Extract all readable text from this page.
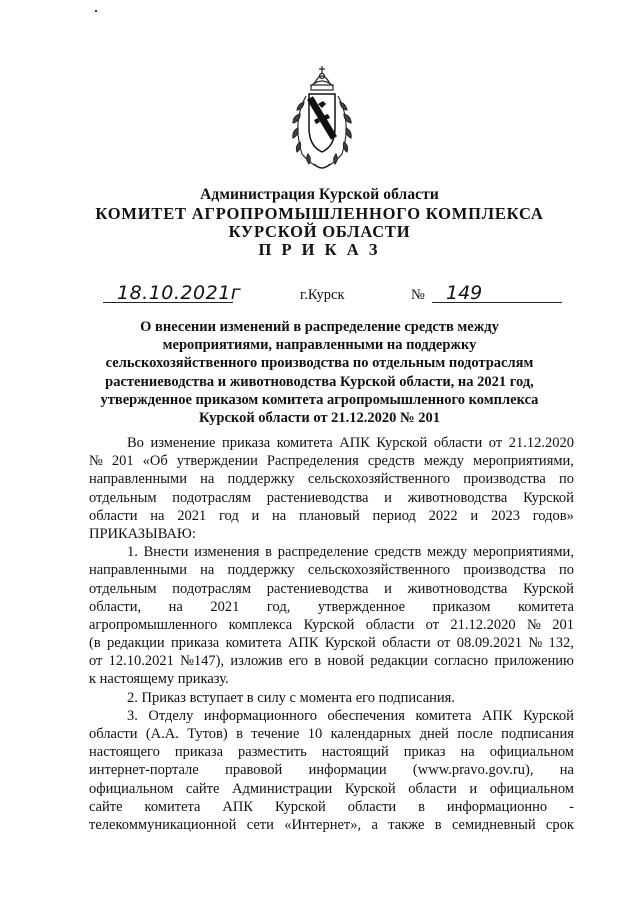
Администрация Курской области

КОМИТЕТ АГРОПРОМЫШЛЕННОГО КОМПЛЕКСА

КУРСКОЙ ОБЛАСТИ

П Р И К А З

18.10.2021г	г.Курск	№ 149
О внесении изменений в распределение средств между
мероприятиями, направленными на поддержку
сельскохозяйственного производства по отдельным подотраслям
растениеводства и животноводства Курской области, на 2021 год,
утвержденное приказом комитета агропромышленного комплекса
Курской области от 21.12.2020 № 201
Во изменение приказа комитета АПК Курской области от 21.12.2020
№ 201 «Об утверждении Распределения средств между мероприятиями,
направленными на поддержку сельскохозяйственного производства по
отдельным подотраслям растениеводства и животноводства Курской
области на 2021 год и на плановый период 2022 и 2023 годов»
ПРИКАЗЫВАЮ:
1. Внести изменения в распределение средств между мероприятиями,
направленными на поддержку сельскохозяйственного производства по
отдельным подотраслям растениеводства и животноводства Курской
области, на 2021 год, утвержденное приказом комитета
агропромышленного комплекса Курской области от 21.12.2020 № 201
(в редакции приказа комитета АПК Курской области от 08.09.2021 № 132,
от 12.10.2021 №147), изложив его в новой редакции согласно приложению
к настоящему приказу.
2. Приказ вступает в силу с момента его подписания.
3. Отделу информационного обеспечения комитета АПК Курской
области (А.А. Тутов) в течение 10 календарных дней после подписания
настоящего приказа разместить настоящий приказ на официальном
интернет-портале правовой информации (www.pravo.gov.ru), на
официальном сайте Администрации Курской области и официальном
сайте комитета АПК Курской области в информационно -
телекоммуникационной сети «Интернет», а также в семидневный срок
